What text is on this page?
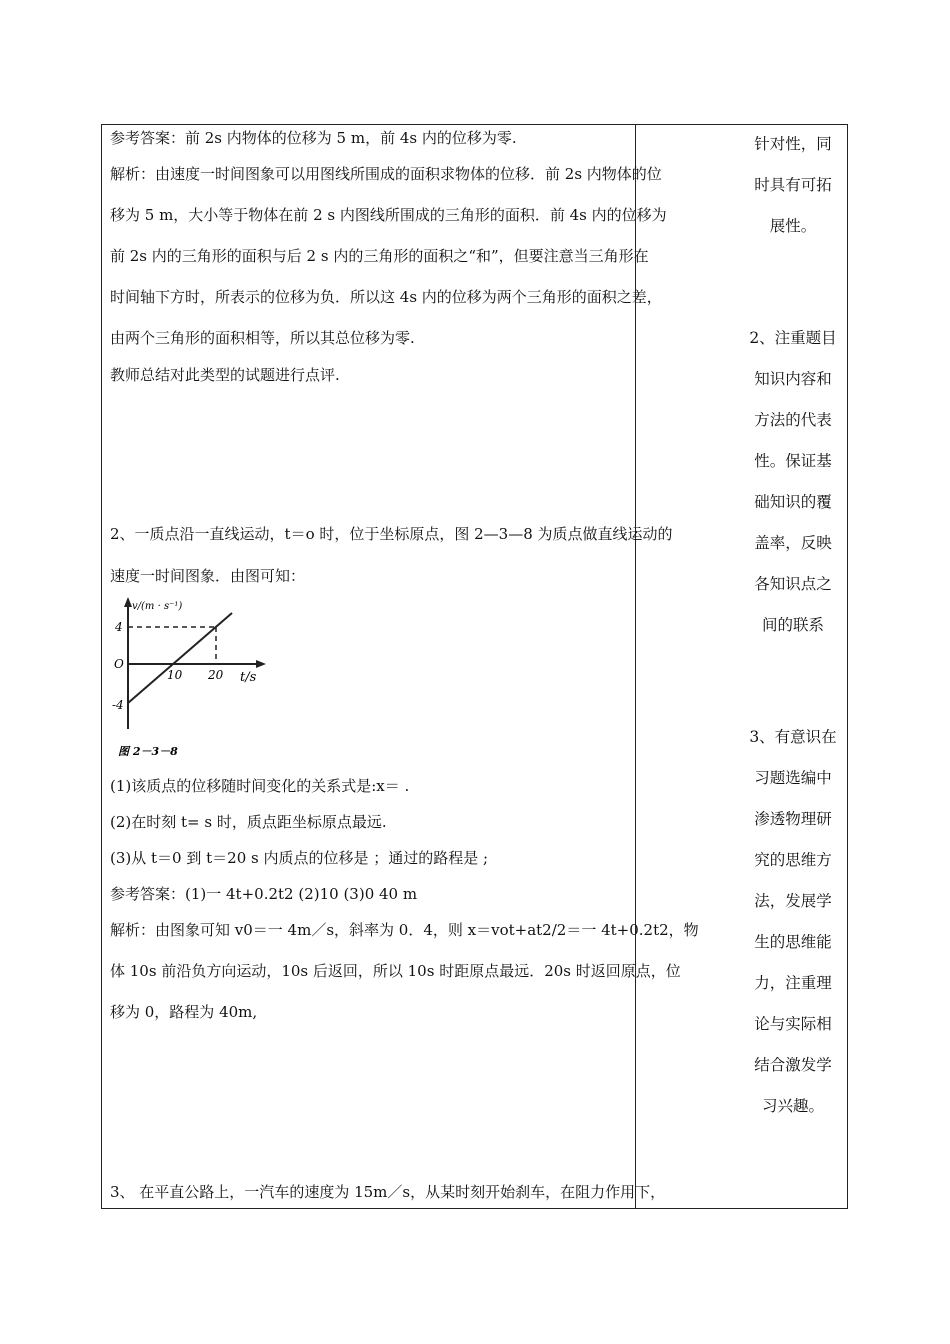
参考答案：前 2s 内物体的位移为 5 m，前 4s 内的位移为零.
解析：由速度一时间图象可以用图线所围成的面积求物体的位移．前 2s 内物体的位
移为 5 m，大小等于物体在前 2 s 内图线所围成的三角形的面积．前 4s 内的位移为
前 2s 内的三角形的面积与后 2 s 内的三角形的面积之“和”，但要注意当三角形在
时间轴下方时，所表示的位移为负．所以这 4s 内的位移为两个三角形的面积之差，
由两个三角形的面积相等，所以其总位移为零.
教师总结对此类型的试题进行点评.
2、一质点沿一直线运动，t＝o 时，位于坐标原点，图 2—3—8 为质点做直线运动的
速度一时间图象．由图可知：
(1)该质点的位移随时间变化的关系式是:x＝ .
(2)在时刻 t= s 时，质点距坐标原点最远.
(3)从 t＝0 到 t＝20 s 内质点的位移是 ；通过的路程是 ;
参考答案：(1)一 4t+0.2t2 (2)10 (3)0 40 m
解析：由图象可知 v0＝一 4m／s，斜率为 0．4，则 x＝vot+at2/2＝一 4t+0.2t2，物
体 10s 前沿负方向运动，10s 后返回，所以 10s 时距原点最远．20s 时返回原点，位
移为 0，路程为 40m,
3、 在平直公路上，一汽车的速度为 15m／s，从某时刻开始刹车，在阻力作用下，
v/(m · s⁻¹)
4
O
-4
10 20 t/s
图 2－3－8
针对性，同
时具有可拓
展性。
2、注重题目
知识内容和
方法的代表
性。保证基
础知识的覆
盖率，反映
各知识点之
间的联系
3、有意识在
习题选编中
渗透物理研
究的思维方
法，发展学
生的思维能
力，注重理
论与实际相
结合激发学
习兴趣。
